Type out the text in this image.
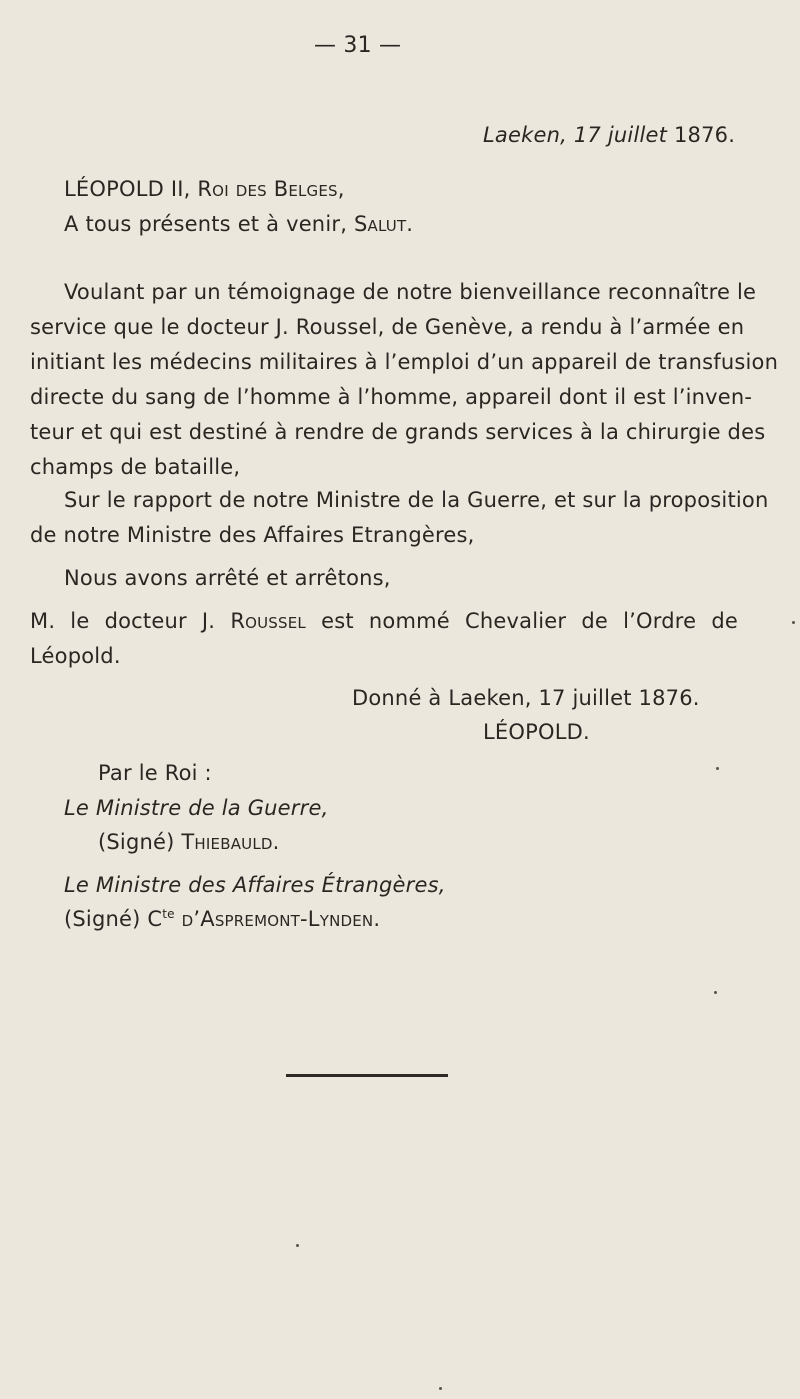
— 31 —
Laeken, 17 juillet 1876.
LÉOPOLD II, Roi des Belges,
A tous présents et à venir, Salut.
Voulant par un témoignage de notre bienveillance reconnaître le
service que le docteur J. Roussel, de Genève, a rendu à l’armée en
initiant les médecins militaires à l’emploi d’un appareil de transfusion
directe du sang de l’homme à l’homme, appareil dont il est l’inven-
teur et qui est destiné à rendre de grands services à la chirurgie des
champs de bataille,
Sur le rapport de notre Ministre de la Guerre, et sur la proposition
de notre Ministre des Affaires Etrangères,
Nous avons arrêté et arrêtons,
M. le docteur J. Roussel est nommé Chevalier de l’Ordre de
Léopold.
Donné à Laeken, 17 juillet 1876.
LÉOPOLD.
Par le Roi :
Le Ministre de la Guerre,
(Signé) Thiebauld.
Le Ministre des Affaires Étrangères,
(Signé) $C^{te}$ d’Aspremont-Lynden.
